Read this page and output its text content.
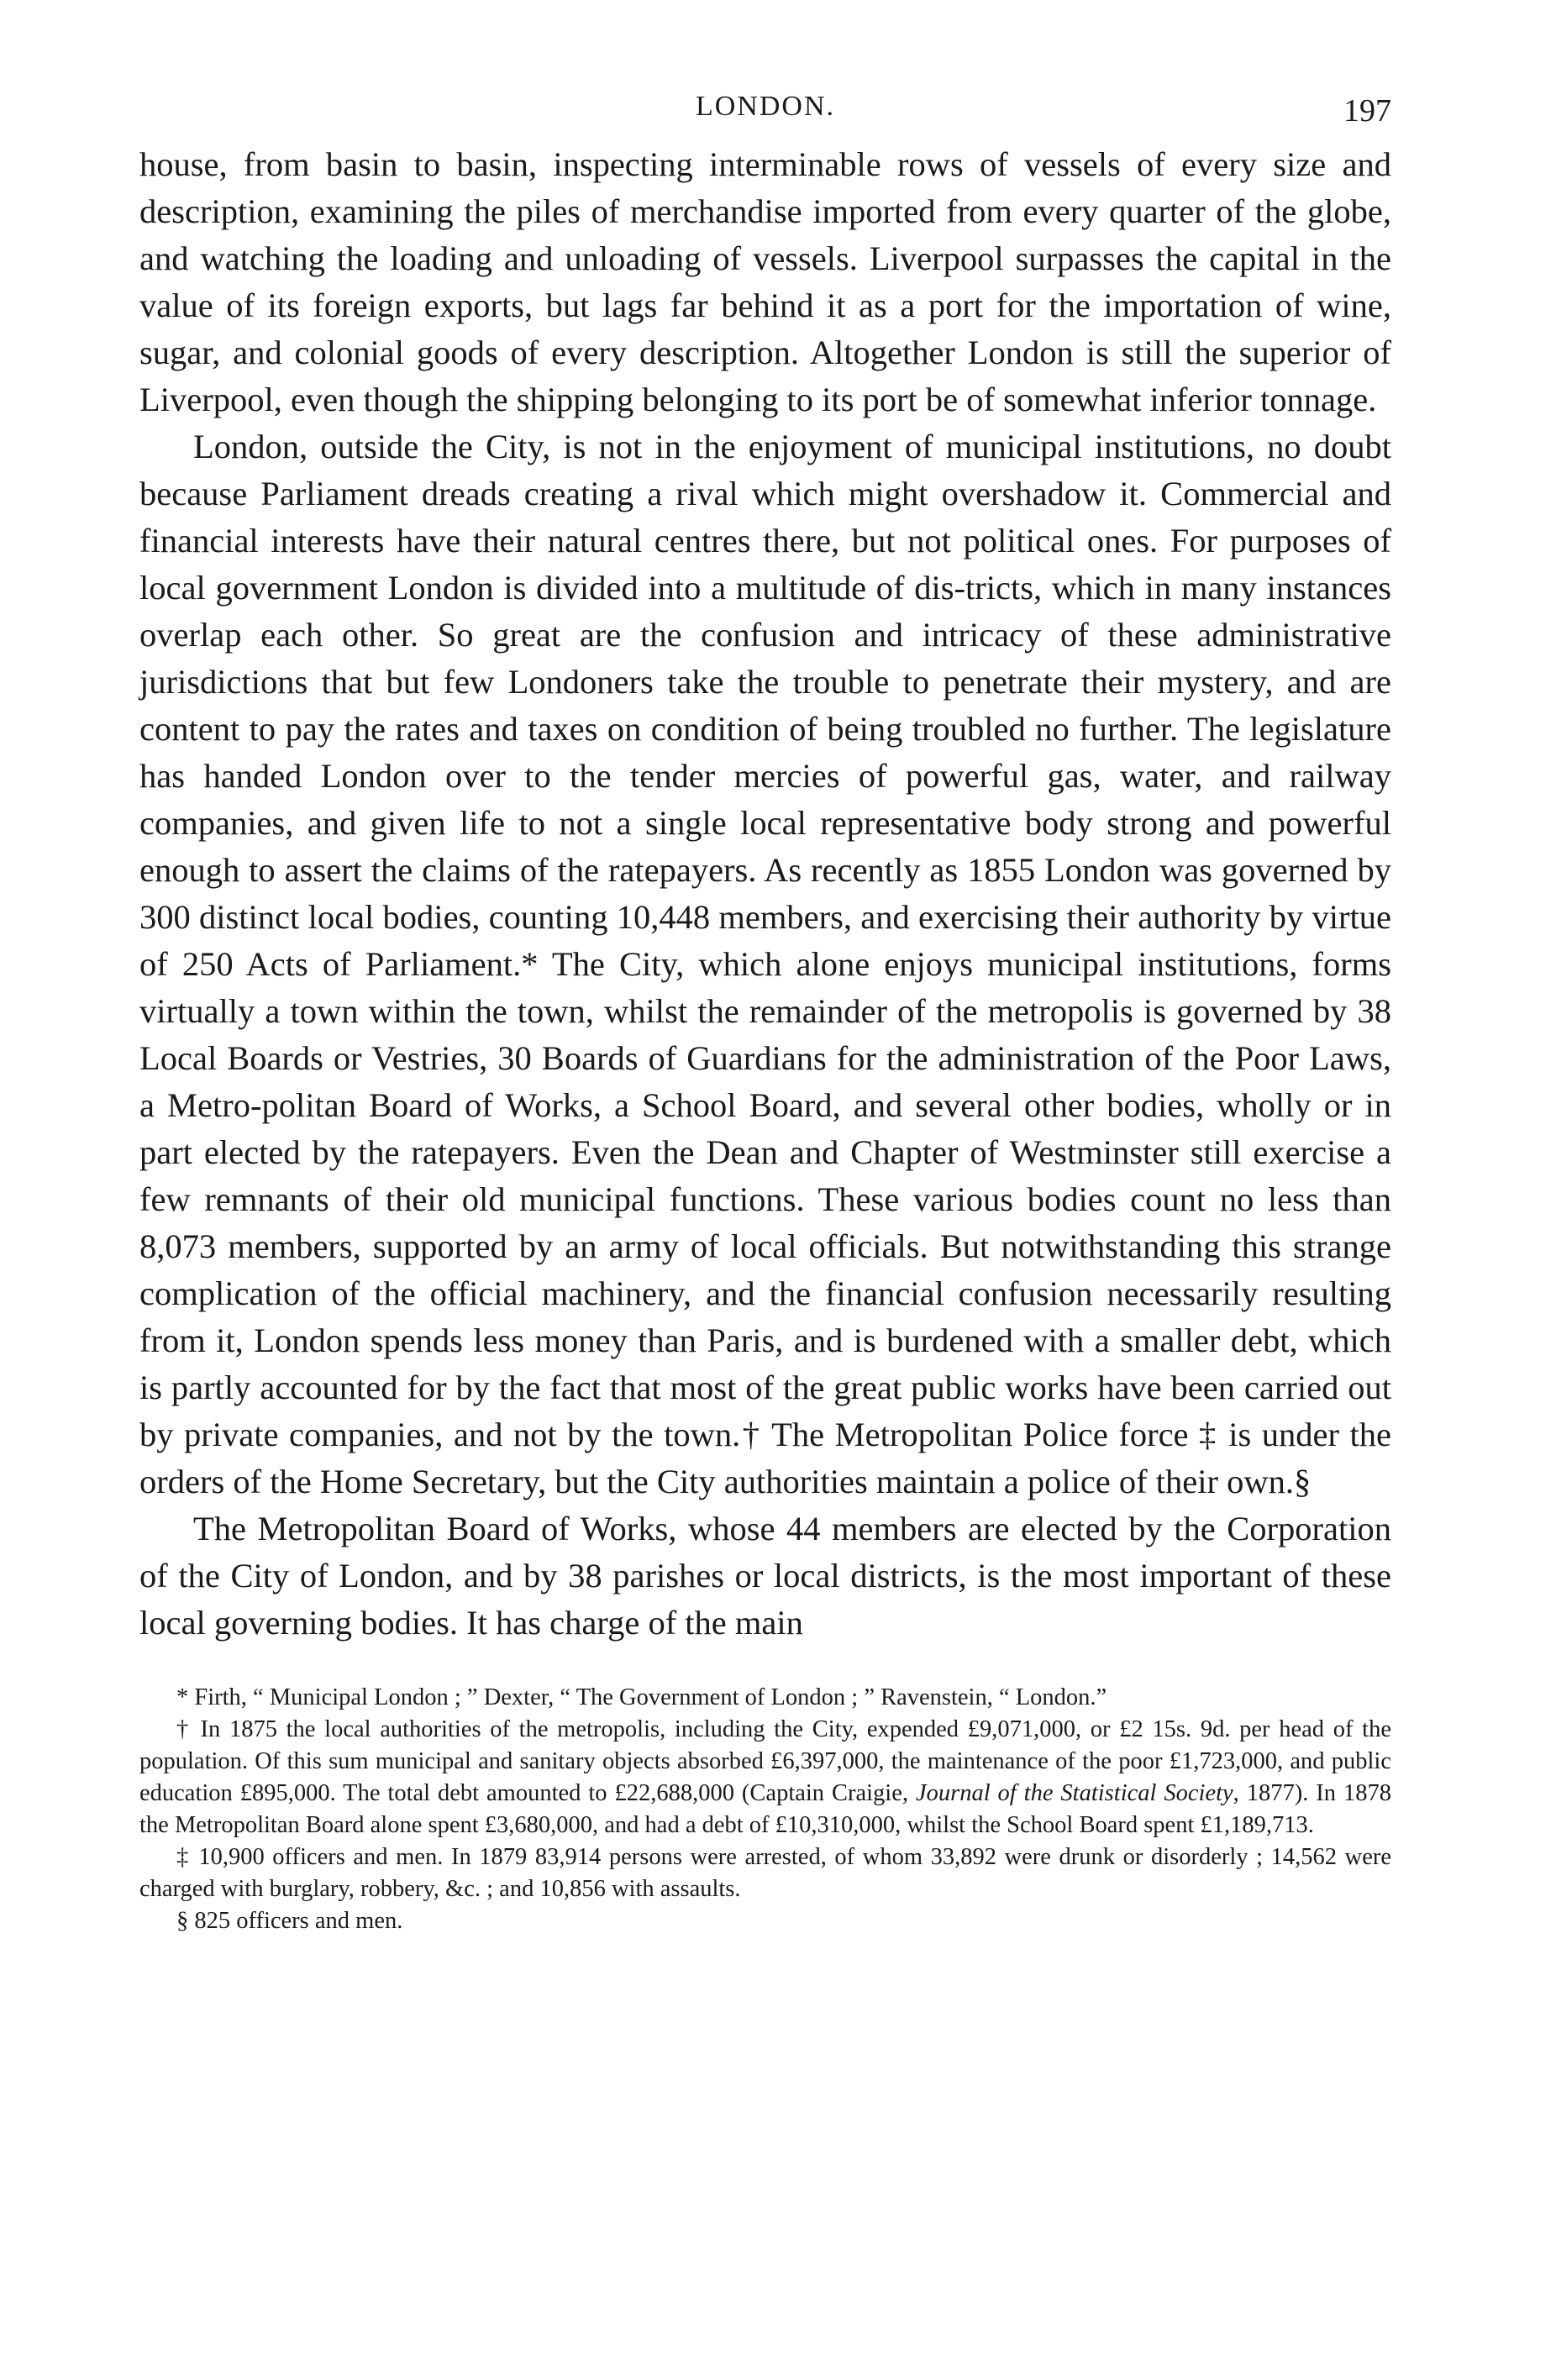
LONDON.	197

house, from basin to basin, inspecting interminable rows of vessels of every size and description, examining the piles of merchandise imported from every quarter of the globe, and watching the loading and unloading of vessels. Liverpool surpasses the capital in the value of its foreign exports, but lags far behind it as a port for the importation of wine, sugar, and colonial goods of every description. Altogether London is still the superior of Liverpool, even though the shipping belonging to its port be of somewhat inferior tonnage.

London, outside the City, is not in the enjoyment of municipal institutions, no doubt because Parliament dreads creating a rival which might overshadow it. Commercial and financial interests have their natural centres there, but not political ones. For purposes of local government London is divided into a multitude of dis-tricts, which in many instances overlap each other. So great are the confusion and intricacy of these administrative jurisdictions that but few Londoners take the trouble to penetrate their mystery, and are content to pay the rates and taxes on condition of being troubled no further. The legislature has handed London over to the tender mercies of powerful gas, water, and railway companies, and given life to not a single local representative body strong and powerful enough to assert the claims of the ratepayers. As recently as 1855 London was governed by 300 distinct local bodies, counting 10,448 members, and exercising their authority by virtue of 250 Acts of Parliament.* The City, which alone enjoys municipal institutions, forms virtually a town within the town, whilst the remainder of the metropolis is governed by 38 Local Boards or Vestries, 30 Boards of Guardians for the administration of the Poor Laws, a Metro-politan Board of Works, a School Board, and several other bodies, wholly or in part elected by the ratepayers. Even the Dean and Chapter of Westminster still exercise a few remnants of their old municipal functions. These various bodies count no less than 8,073 members, supported by an army of local officials. But notwithstanding this strange complication of the official machinery, and the financial confusion necessarily resulting from it, London spends less money than Paris, and is burdened with a smaller debt, which is partly accounted for by the fact that most of the great public works have been carried out by private companies, and not by the town.† The Metropolitan Police force ‡ is under the orders of the Home Secretary, but the City authorities maintain a police of their own.§

The Metropolitan Board of Works, whose 44 members are elected by the Corporation of the City of London, and by 38 parishes or local districts, is the most important of these local governing bodies. It has charge of the main

* Firth, “ Municipal London ; ” Dexter, “ The Government of London ; ” Ravenstein, “ London.”

† In 1875 the local authorities of the metropolis, including the City, expended £9,071,000, or £2 15s. 9d. per head of the population. Of this sum municipal and sanitary objects absorbed £6,397,000, the maintenance of the poor £1,723,000, and public education £895,000. The total debt amounted to £22,688,000 (Captain Craigie, Journal of the Statistical Society, 1877). In 1878 the Metropolitan Board alone spent £3,680,000, and had a debt of £10,310,000, whilst the School Board spent £1,189,713.

‡ 10,900 officers and men. In 1879 83,914 persons were arrested, of whom 33,892 were drunk or disorderly ; 14,562 were charged with burglary, robbery, &c. ; and 10,856 with assaults.

§ 825 officers and men.
